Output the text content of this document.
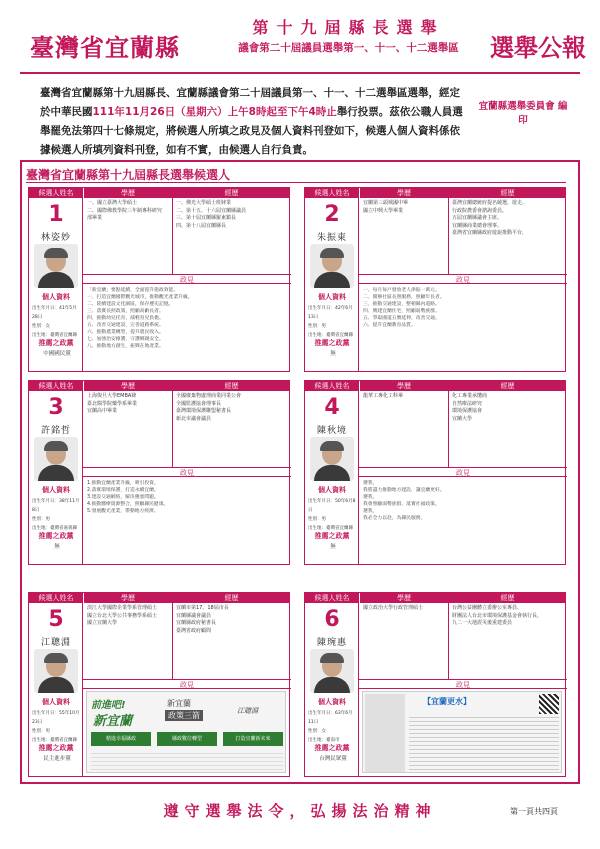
臺灣省宜蘭縣
第十九屆縣長選舉
議會第二十屆議員選舉第一、十一、十二選舉區	選舉公報
臺灣省宜蘭縣第十九屆縣長、宜蘭縣議會第二十屆議員第一、十一、十二選舉區選舉，經定於中華民國111年11月26日（星期六）上午8時起至下午4時止舉行投票。茲依公職人員選舉罷免法第四十七條規定，將候選人所填之政見及個人資料刊登如下，候選人個人資料係依據候選人所填列資料刊登，如有不實，由候選人自行負責。
宜蘭縣選舉委員會 編印
臺灣省宜蘭縣第十九屆縣長選舉候選人
候選人姓名	學歷	經歷
1
林姿妙
個人資料
出生年月日：41年5月28日
性別：女
出生地：臺灣省宜蘭縣
推薦之政黨
中國國民黨
一、國立臺灣大學碩士
二、國際佛教學院三年制專科研究
部畢業
一、佛光大學碩士班肄業
二、第十五、十六屆宜蘭縣議員
三、第十屆宜蘭縣羅東鎮長
四、第十八屆宜蘭縣長
政見
「新宜蘭」要點延續，全面提升施政效能。
一、打造宜蘭國際觀光城市，推動觀光產業升級。
二、陸續建設文化園區，保存歷史記憶。
三、落實長照政策，照顧高齡長者。
四、推動幼兒托育，減輕育兒負擔。
五、改善交通建設，完善道路系統。
六、推動農業轉型，提升農民收入。
七、加強治安維護，守護鄉親安全。
八、推動地方創生，振興在地產業。
候選人姓名	學歷	經歷
2
朱振東
個人資料
出生年月日：42年6月13日
性別：男
出生地：臺灣省宜蘭縣
推薦之政黨
無
宜蘭第三頭城國中畢
國立中興大學畢業
臺灣宜蘭總統府提名競選，遊走、
行政院農委會諮詢委員。
五屆宜蘭縣議會主席。
宜蘭縣商業總會理事。
臺灣省宜蘭縣政府遊說推動平台，
政見
一、每月每戶發放老人津貼一萬元。
二、開辦社區長照服務，照顧年長者。
三、推動交通建設，整頓縣內道路。
四、興建宜蘭住宅，照顧弱勢族群。
五、爭取國道五號延伸，改善交通。
六、提升宜蘭教育品質。
候選人姓名	學歷	經歷
3
許銘哲
個人資料
出生年月日：38年11月8日
性別：男
出生地：臺灣省嘉義縣
推薦之政黨
無
上海復旦大學EMBA肄
臺北醫學院藥學系畢業
宜蘭高中畢業
全國廢棄物處理商業同業公會
全國監護協會理事長
臺灣環境保護聯盟秘書長
新北市議會議員
政見
1.推動宜蘭產業升級，吸引投資。
2.落實環境保護，打造永續宜蘭。
3.建設交通網絡，解決壅塞問題。
4.推動醫療資源整合，照顧縣民健康。
5.發展觀光產業，帶動地方經濟。
候選人姓名	學歷	經歷
4
陳秋境
個人資料
出生年月日：50年6月8日
性別：男
出生地：臺灣省宜蘭縣
推薦之政黨
無
龍華工專化工科畢	化工專業承攬商
自然療法研究
環境保護協會
宜蘭大學
政見
選我，
我將盡力推動地方建設，讓宜蘭更好。
選我，
我會照顧弱勢族群，落實社福政策。
選我，
我必全力以赴，為縣民服務。
候選人姓名	學歷	經歷
5
江聰淵
個人資料
出生年月日：55年10月23日
性別：男
出生地：臺灣省宜蘭縣
推薦之政黨
民主進步黨
淡江大學國際企業學系管理碩士
國立台北大學公共事務學系碩士
國立宜蘭大學
宜蘭市第17、18屆市長
宜蘭縣議會議員
宜蘭縣政府秘書長
臺灣省政府顧問
政見
候選人姓名	學歷	經歷
6
陳琬惠
個人資料
出生年月日：63年6月11日
性別：女
出生地：臺南市
推薦之政黨
台灣民眾黨
國立政治大學行政管理碩士	台灣公益團體立委辦公室專員、
財團法人台北市環境保護基金會執行長、
九二一大地震災後重建委員
政見
前進吧!
新宜蘭
新宜蘭
政策三箭	江聰淵
精進幸福縣政	縣政數位轉型	打造宜蘭新未來
【宜蘭更水】
遵守選舉法令，弘揚法治精神	第一頁共四頁
